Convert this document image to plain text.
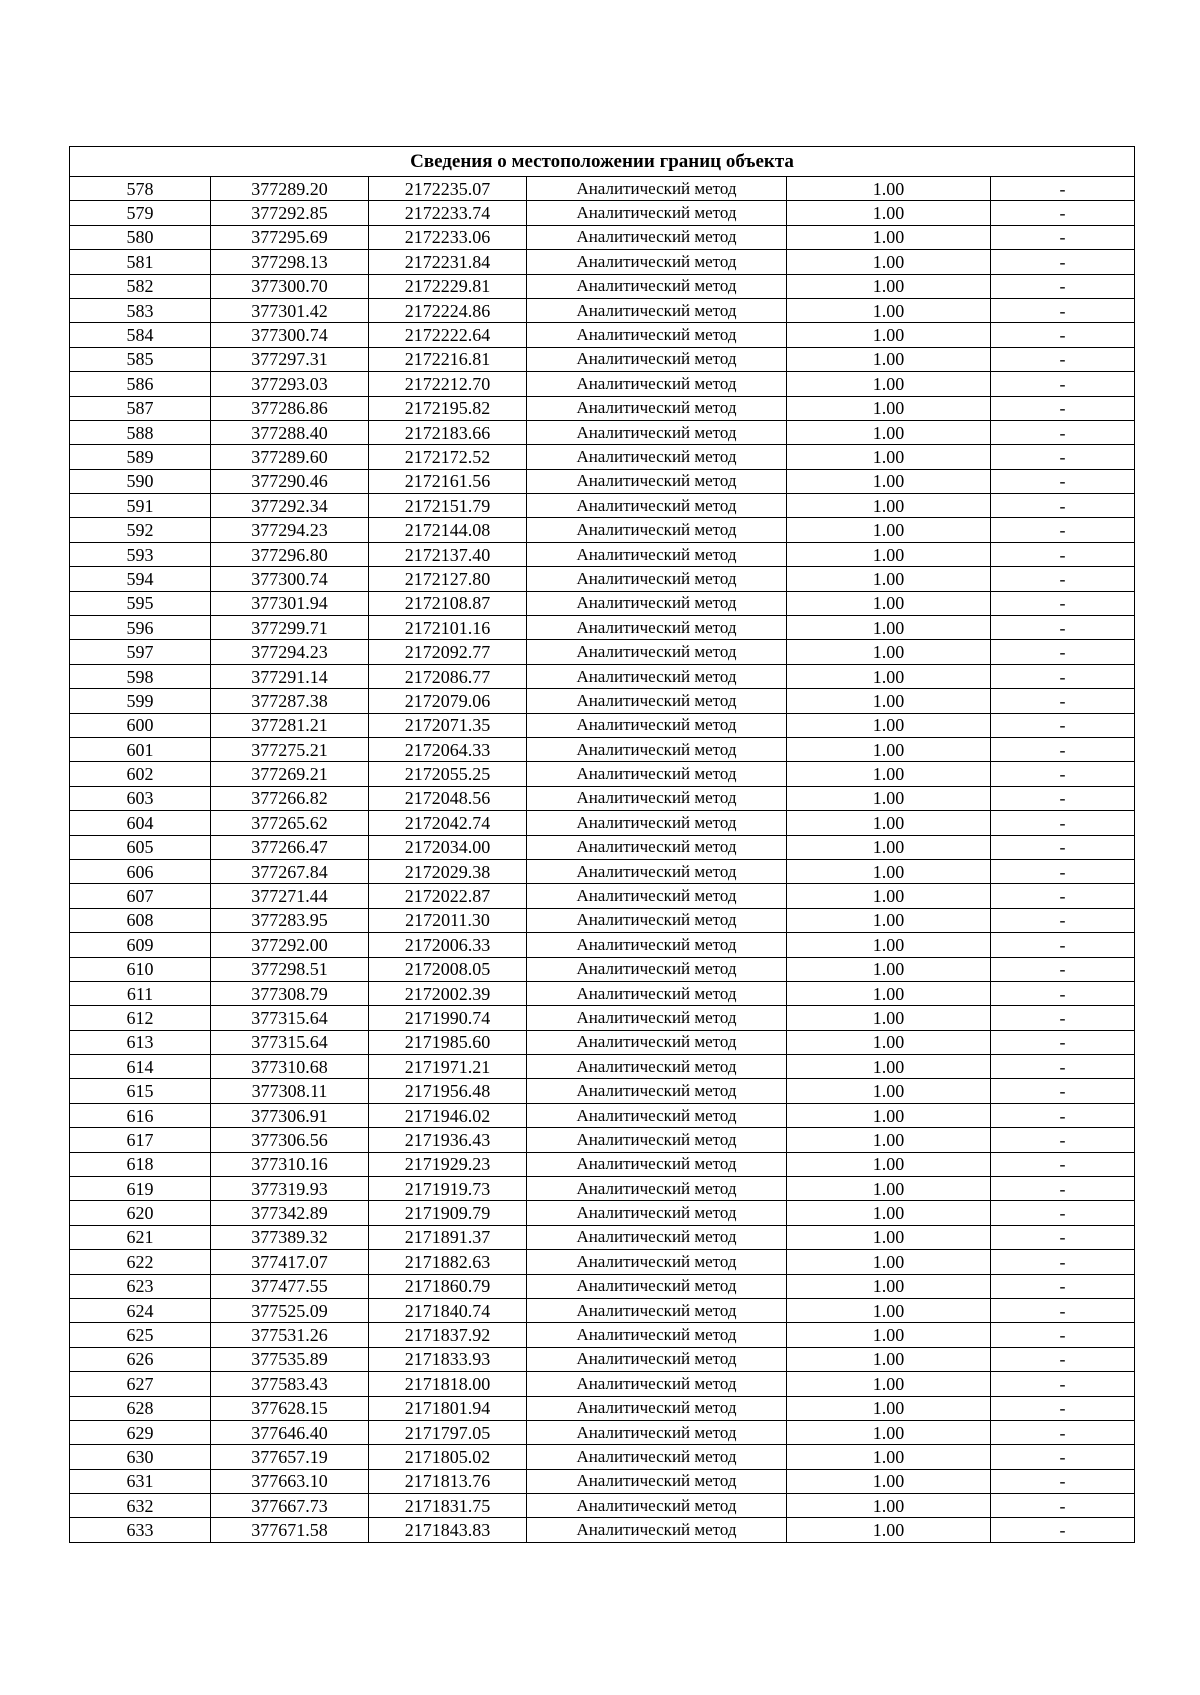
Сведения о местоположении границ объекта					
578	377289.20	2172235.07	Аналитический метод	1.00	-
579	377292.85	2172233.74	Аналитический метод	1.00	-
580	377295.69	2172233.06	Аналитический метод	1.00	-
581	377298.13	2172231.84	Аналитический метод	1.00	-
582	377300.70	2172229.81	Аналитический метод	1.00	-
583	377301.42	2172224.86	Аналитический метод	1.00	-
584	377300.74	2172222.64	Аналитический метод	1.00	-
585	377297.31	2172216.81	Аналитический метод	1.00	-
586	377293.03	2172212.70	Аналитический метод	1.00	-
587	377286.86	2172195.82	Аналитический метод	1.00	-
588	377288.40	2172183.66	Аналитический метод	1.00	-
589	377289.60	2172172.52	Аналитический метод	1.00	-
590	377290.46	2172161.56	Аналитический метод	1.00	-
591	377292.34	2172151.79	Аналитический метод	1.00	-
592	377294.23	2172144.08	Аналитический метод	1.00	-
593	377296.80	2172137.40	Аналитический метод	1.00	-
594	377300.74	2172127.80	Аналитический метод	1.00	-
595	377301.94	2172108.87	Аналитический метод	1.00	-
596	377299.71	2172101.16	Аналитический метод	1.00	-
597	377294.23	2172092.77	Аналитический метод	1.00	-
598	377291.14	2172086.77	Аналитический метод	1.00	-
599	377287.38	2172079.06	Аналитический метод	1.00	-
600	377281.21	2172071.35	Аналитический метод	1.00	-
601	377275.21	2172064.33	Аналитический метод	1.00	-
602	377269.21	2172055.25	Аналитический метод	1.00	-
603	377266.82	2172048.56	Аналитический метод	1.00	-
604	377265.62	2172042.74	Аналитический метод	1.00	-
605	377266.47	2172034.00	Аналитический метод	1.00	-
606	377267.84	2172029.38	Аналитический метод	1.00	-
607	377271.44	2172022.87	Аналитический метод	1.00	-
608	377283.95	2172011.30	Аналитический метод	1.00	-
609	377292.00	2172006.33	Аналитический метод	1.00	-
610	377298.51	2172008.05	Аналитический метод	1.00	-
611	377308.79	2172002.39	Аналитический метод	1.00	-
612	377315.64	2171990.74	Аналитический метод	1.00	-
613	377315.64	2171985.60	Аналитический метод	1.00	-
614	377310.68	2171971.21	Аналитический метод	1.00	-
615	377308.11	2171956.48	Аналитический метод	1.00	-
616	377306.91	2171946.02	Аналитический метод	1.00	-
617	377306.56	2171936.43	Аналитический метод	1.00	-
618	377310.16	2171929.23	Аналитический метод	1.00	-
619	377319.93	2171919.73	Аналитический метод	1.00	-
620	377342.89	2171909.79	Аналитический метод	1.00	-
621	377389.32	2171891.37	Аналитический метод	1.00	-
622	377417.07	2171882.63	Аналитический метод	1.00	-
623	377477.55	2171860.79	Аналитический метод	1.00	-
624	377525.09	2171840.74	Аналитический метод	1.00	-
625	377531.26	2171837.92	Аналитический метод	1.00	-
626	377535.89	2171833.93	Аналитический метод	1.00	-
627	377583.43	2171818.00	Аналитический метод	1.00	-
628	377628.15	2171801.94	Аналитический метод	1.00	-
629	377646.40	2171797.05	Аналитический метод	1.00	-
630	377657.19	2171805.02	Аналитический метод	1.00	-
631	377663.10	2171813.76	Аналитический метод	1.00	-
632	377667.73	2171831.75	Аналитический метод	1.00	-
633	377671.58	2171843.83	Аналитический метод	1.00	-
